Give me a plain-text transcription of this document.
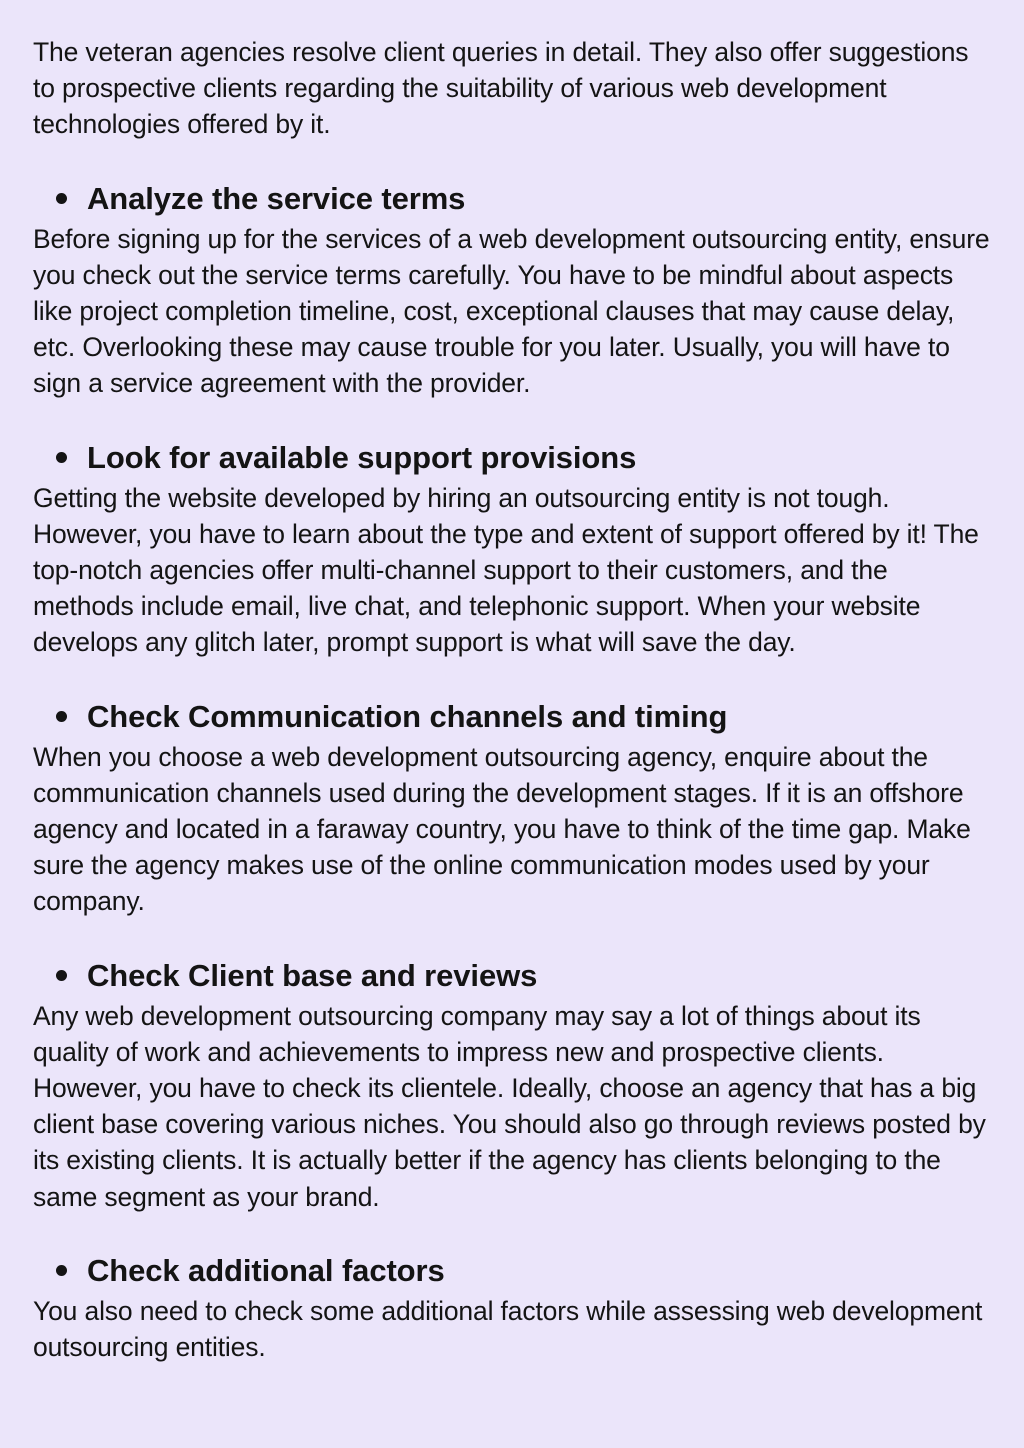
The veteran agencies resolve client queries in detail. They also offer suggestions to prospective clients regarding the suitability of various web development technologies offered by it.

Analyze the service terms

Before signing up for the services of a web development outsourcing entity, ensure you check out the service terms carefully. You have to be mindful about aspects like project completion timeline, cost, exceptional clauses that may cause delay, etc. Overlooking these may cause trouble for you later. Usually, you will have to sign a service agreement with the provider.

Look for available support provisions

Getting the website developed by hiring an outsourcing entity is not tough. However, you have to learn about the type and extent of support offered by it! The top-notch agencies offer multi-channel support to their customers, and the methods include email, live chat, and telephonic support. When your website develops any glitch later, prompt support is what will save the day.

Check Communication channels and timing

When you choose a web development outsourcing agency, enquire about the communication channels used during the development stages. If it is an offshore agency and located in a faraway country, you have to think of the time gap. Make sure the agency makes use of the online communication modes used by your company.

Check Client base and reviews

Any web development outsourcing company may say a lot of things about its quality of work and achievements to impress new and prospective clients. However, you have to check its clientele. Ideally, choose an agency that has a big client base covering various niches. You should also go through reviews posted by its existing clients. It is actually better if the agency has clients belonging to the same segment as your brand.

Check additional factors

You also need to check some additional factors while assessing web development outsourcing entities.
